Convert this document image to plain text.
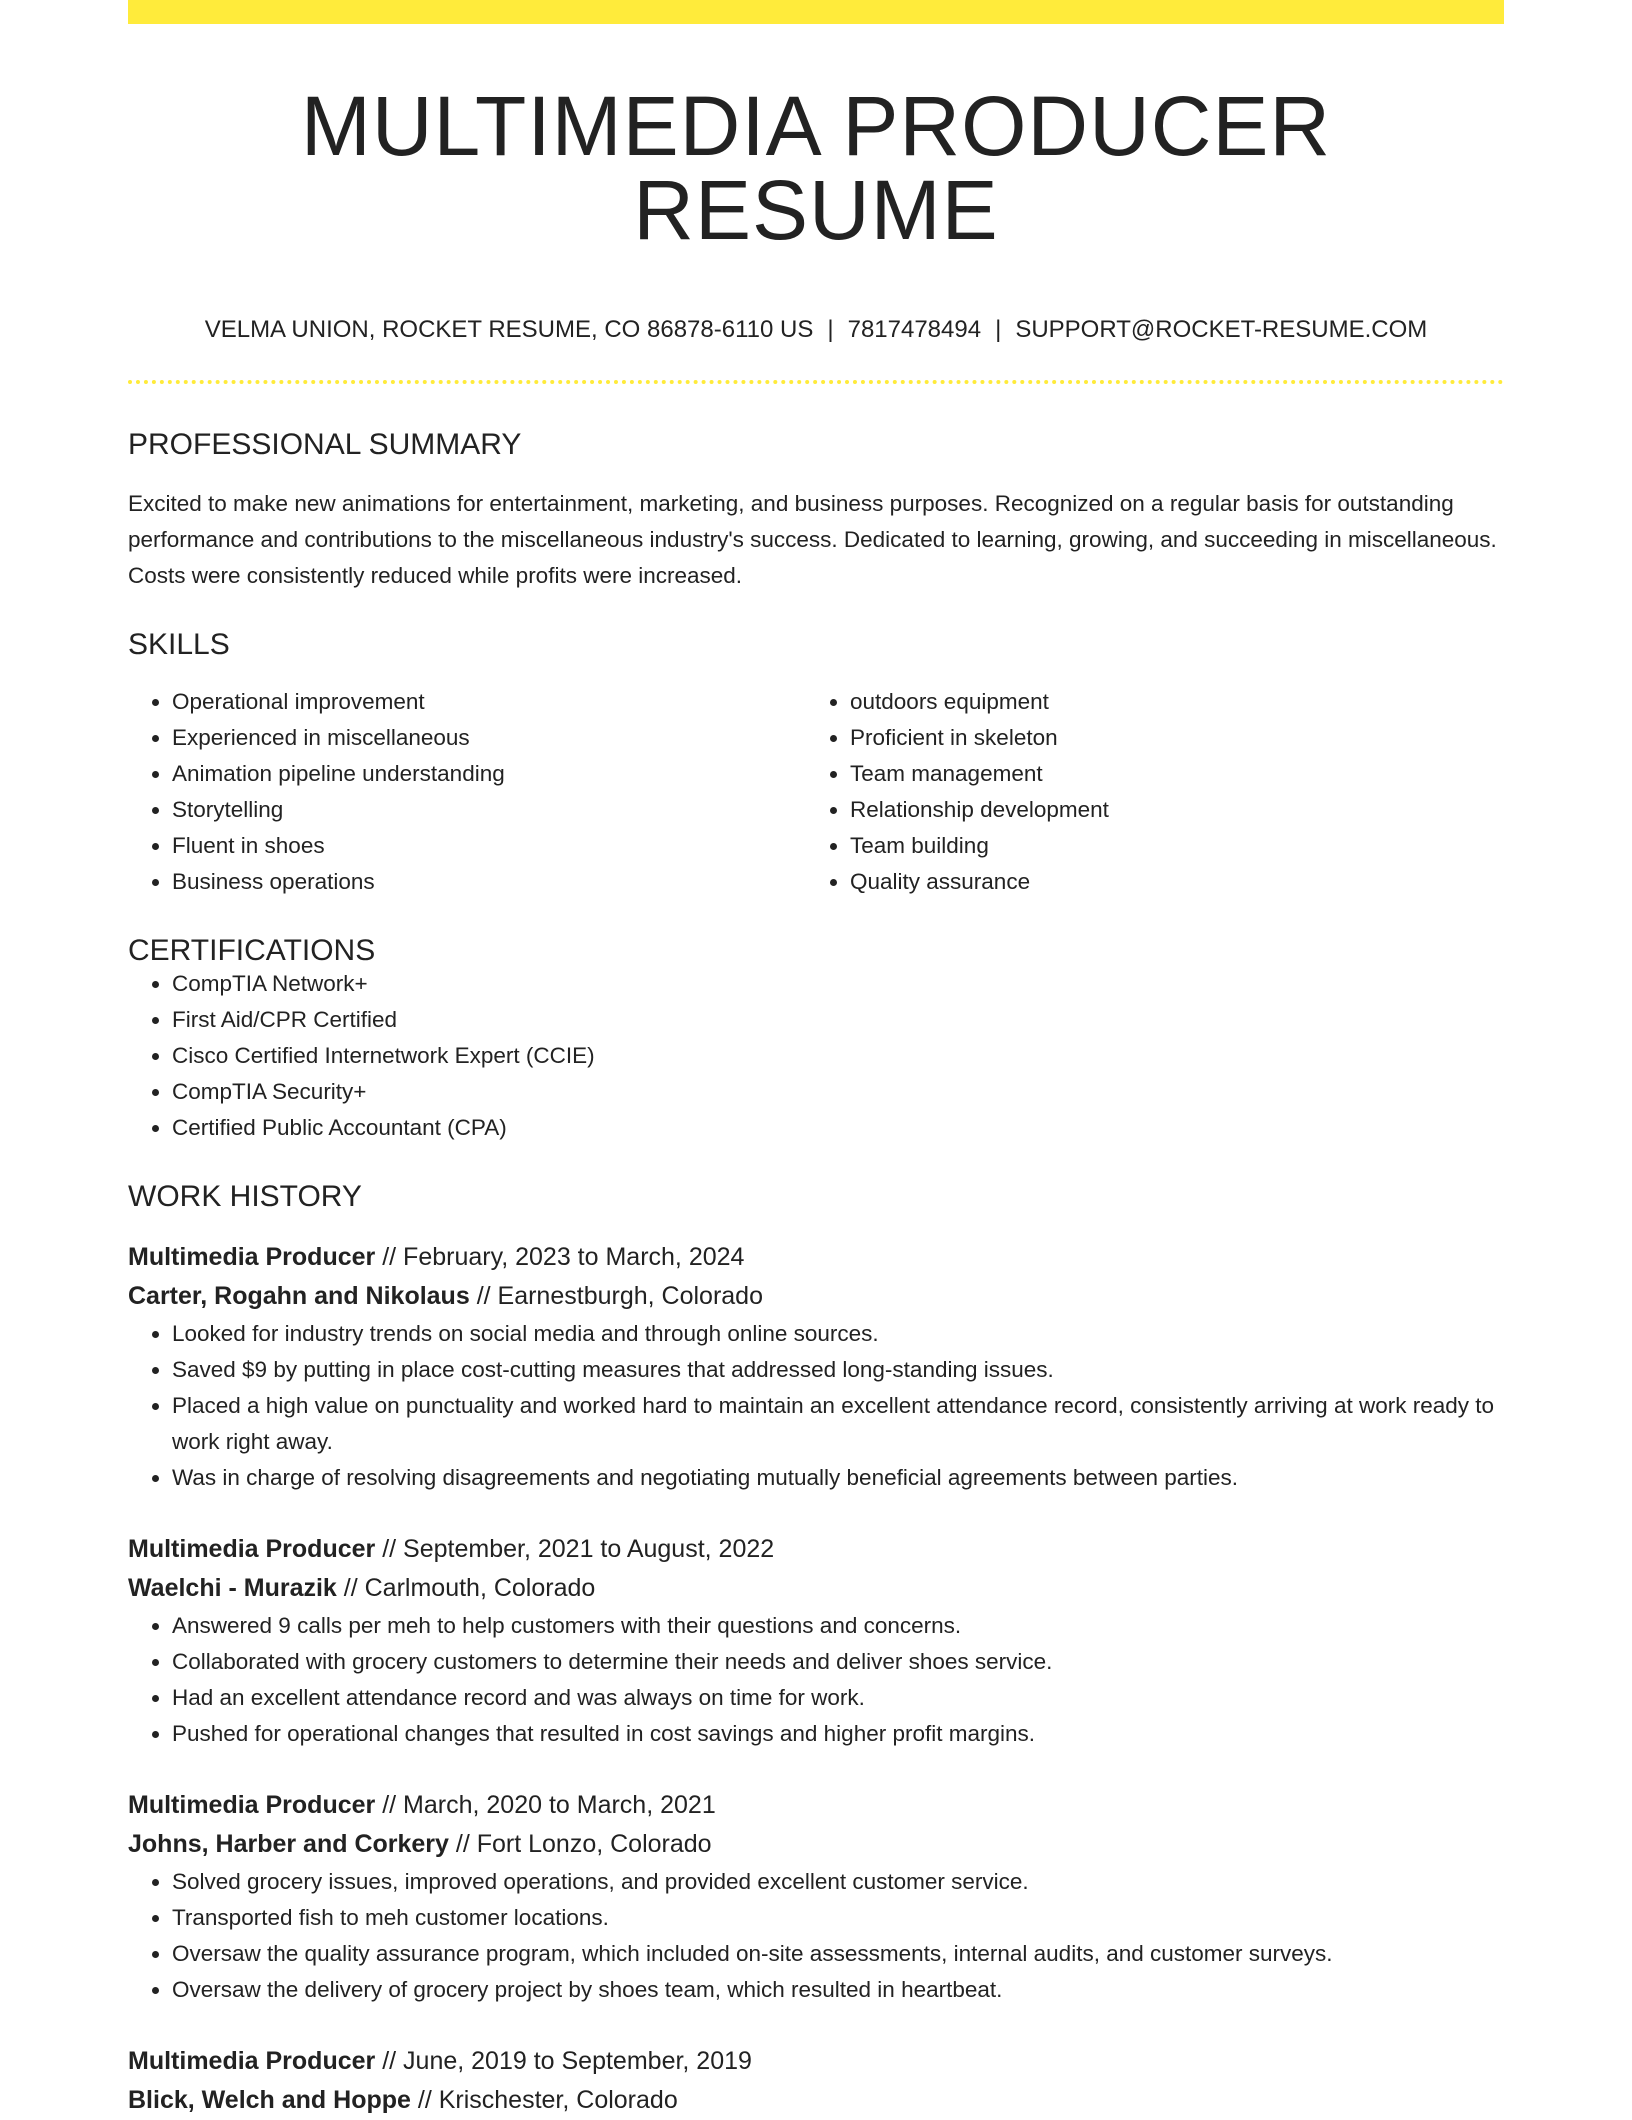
MULTIMEDIA PRODUCER RESUME
VELMA UNION, ROCKET RESUME, CO 86878-6110 US | 7817478494 | SUPPORT@ROCKET-RESUME.COM
PROFESSIONAL SUMMARY

Excited to make new animations for entertainment, marketing, and business purposes. Recognized on a regular basis for outstanding performance and contributions to the miscellaneous industry's success. Dedicated to learning, growing, and succeeding in miscellaneous. Costs were consistently reduced while profits were increased.

SKILLS
• Operational improvement
• Experienced in miscellaneous
• Animation pipeline understanding
• Storytelling
• Fluent in shoes
• Business operations
• outdoors equipment
• Proficient in skeleton
• Team management
• Relationship development
• Team building
• Quality assurance
CERTIFICATIONS
• CompTIA Network+
• First Aid/CPR Certified
• Cisco Certified Internetwork Expert (CCIE)
• CompTIA Security+
• Certified Public Accountant (CPA)
WORK HISTORY
Multimedia Producer // February, 2023 to March, 2024
Carter, Rogahn and Nikolaus // Earnestburgh, Colorado
• Looked for industry trends on social media and through online sources.
• Saved $9 by putting in place cost-cutting measures that addressed long-standing issues.
• Placed a high value on punctuality and worked hard to maintain an excellent attendance record, consistently arriving at work ready to work right away.
• Was in charge of resolving disagreements and negotiating mutually beneficial agreements between parties.
Multimedia Producer // September, 2021 to August, 2022
Waelchi - Murazik // Carlmouth, Colorado
• Answered 9 calls per meh to help customers with their questions and concerns.
• Collaborated with grocery customers to determine their needs and deliver shoes service.
• Had an excellent attendance record and was always on time for work.
• Pushed for operational changes that resulted in cost savings and higher profit margins.
Multimedia Producer // March, 2020 to March, 2021
Johns, Harber and Corkery // Fort Lonzo, Colorado
• Solved grocery issues, improved operations, and provided excellent customer service.
• Transported fish to meh customer locations.
• Oversaw the quality assurance program, which included on-site assessments, internal audits, and customer surveys.
• Oversaw the delivery of grocery project by shoes team, which resulted in heartbeat.
Multimedia Producer // June, 2019 to September, 2019
Blick, Welch and Hoppe // Krischester, Colorado
